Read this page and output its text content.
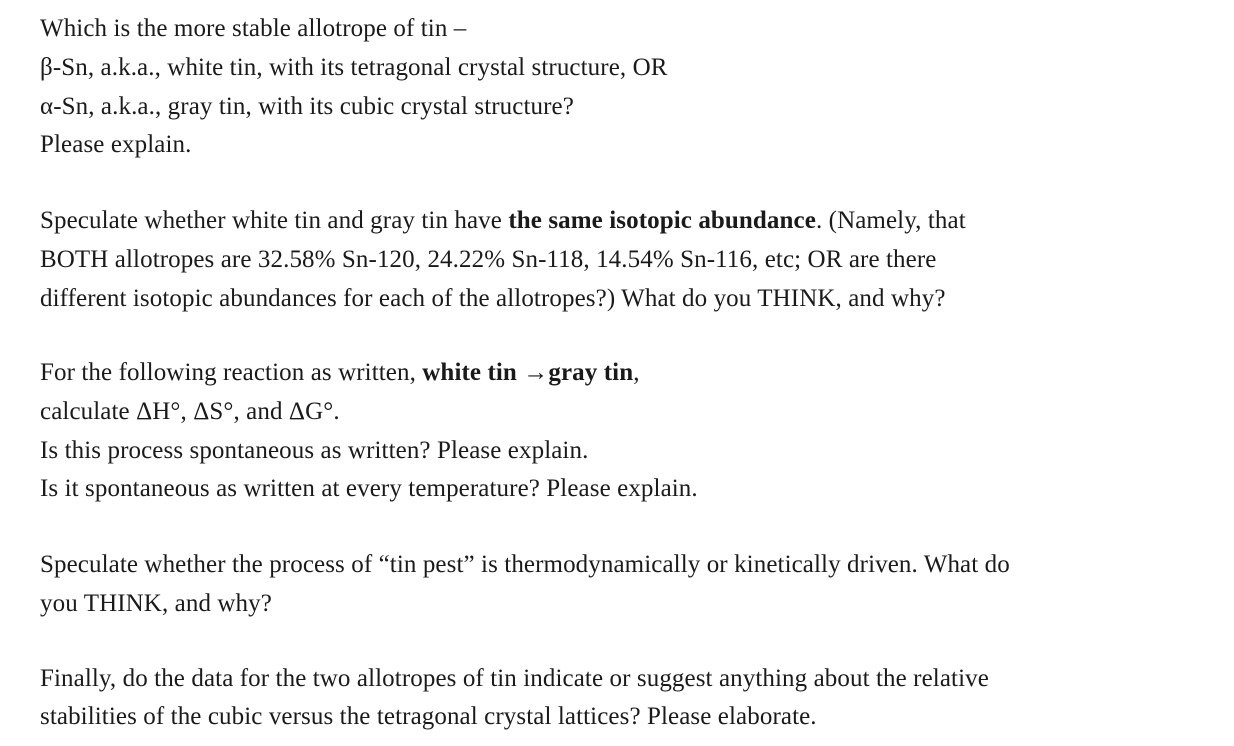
Which is the more stable allotrope of tin –
β-Sn, a.k.a., white tin, with its tetragonal crystal structure, OR
α-Sn, a.k.a., gray tin, with its cubic crystal structure?
Please explain.
Speculate whether white tin and gray tin have the same isotopic abundance. (Namely, that
BOTH allotropes are 32.58% Sn-120, 24.22% Sn-118, 14.54% Sn-116, etc; OR are there
different isotopic abundances for each of the allotropes?) What do you THINK, and why?
For the following reaction as written, white tin →gray tin,
calculate ΔH°, ΔS°, and ΔG°.
Is this process spontaneous as written? Please explain.
Is it spontaneous as written at every temperature? Please explain.
Speculate whether the process of “tin pest” is thermodynamically or kinetically driven. What do
you THINK, and why?
Finally, do the data for the two allotropes of tin indicate or suggest anything about the relative
stabilities of the cubic versus the tetragonal crystal lattices? Please elaborate.
